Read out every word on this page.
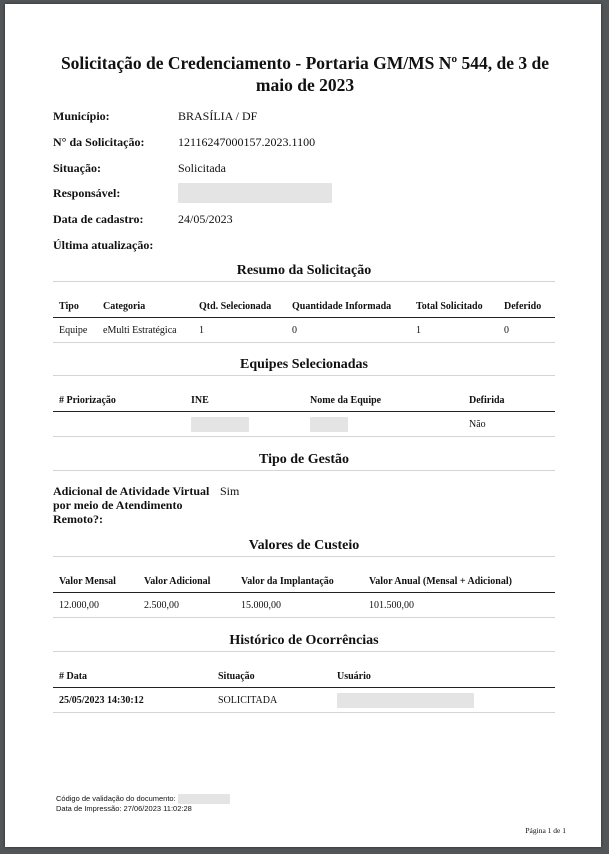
Solicitação de Credenciamento - Portaria GM/MS Nº 544, de 3 de maio de 2023
Município:	BRASÍLIA / DF
N° da Solicitação:	12116247000157.2023.1100
Situação:	Solicitada
Responsável:
Data de cadastro:	24/05/2023
Última atualização:
Resumo da Solicitação
Tipo	Categoria	Qtd. Selecionada	Quantidade Informada	Total Solicitado	Deferido
Equipe	eMulti Estratégica	1	0	1	0
Equipes Selecionadas
# Priorização	INE	Nome da Equipe	Defirida
			Não
Tipo de Gestão
Adicional de Atividade Virtual por meio de Atendimento Remoto?:
Sim
Valores de Custeio
Valor Mensal	Valor Adicional	Valor da Implantação	Valor Anual (Mensal + Adicional)
12.000,00	2.500,00	15.000,00	101.500,00
Histórico de Ocorrências
# Data	Situação	Usuário
25/05/2023 14:30:12	SOLICITADA	
Código de validação do documento:
Data de Impressão: 27/06/2023 11:02:28
Página 1 de 1
